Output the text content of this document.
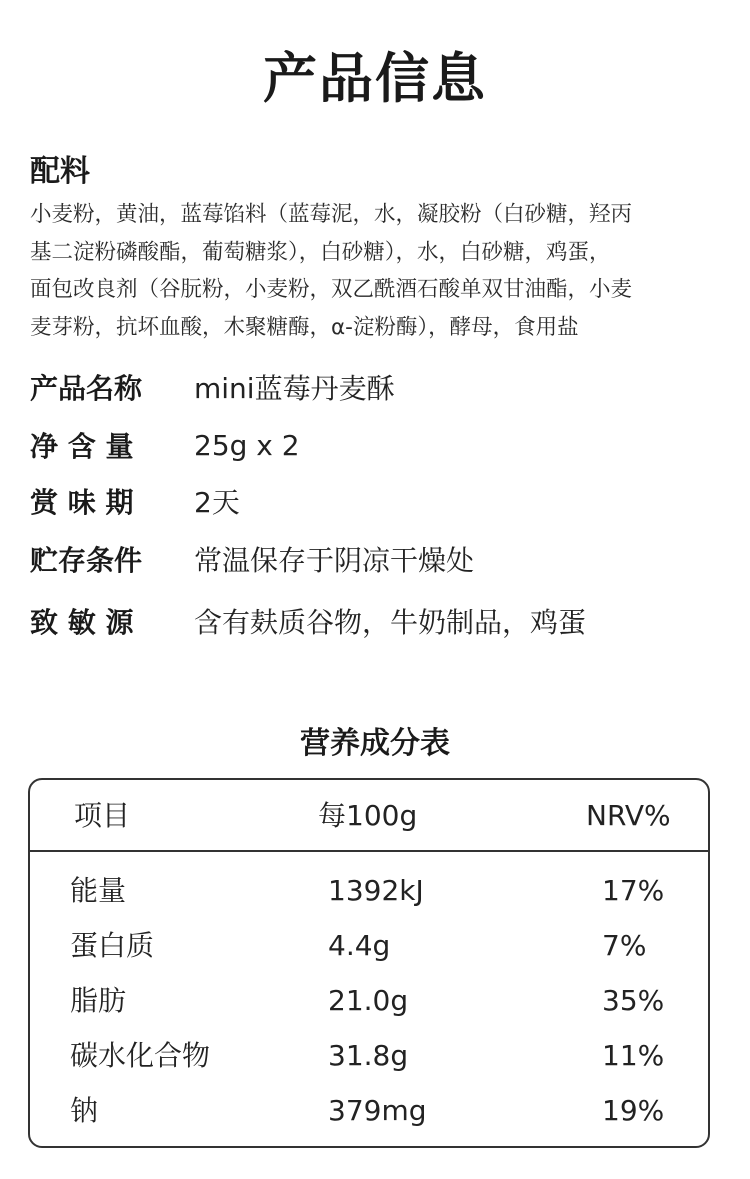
产品信息
配料
小麦粉，黄油，蓝莓馅料（蓝莓泥，水，凝胶粉（白砂糖，羟丙
基二淀粉磷酸酯，葡萄糖浆），白砂糖），水，白砂糖，鸡蛋，
面包改良剂（谷朊粉，小麦粉，双乙酰酒石酸单双甘油酯，小麦
麦芽粉，抗坏血酸，木聚糖酶，α-淀粉酶），酵母，食用盐
产品名称	mini蓝莓丹麦酥
净 含 量	25g x 2
赏 味 期	2天
贮存条件	常温保存于阴凉干燥处
致 敏 源	含有麸质谷物，牛奶制品，鸡蛋
营养成分表
项目	每100g	NRV%
能量	1392kJ	17%
蛋白质	4.4g	7%
脂肪	21.0g	35%
碳水化合物	31.8g	11%
钠	379mg	19%
